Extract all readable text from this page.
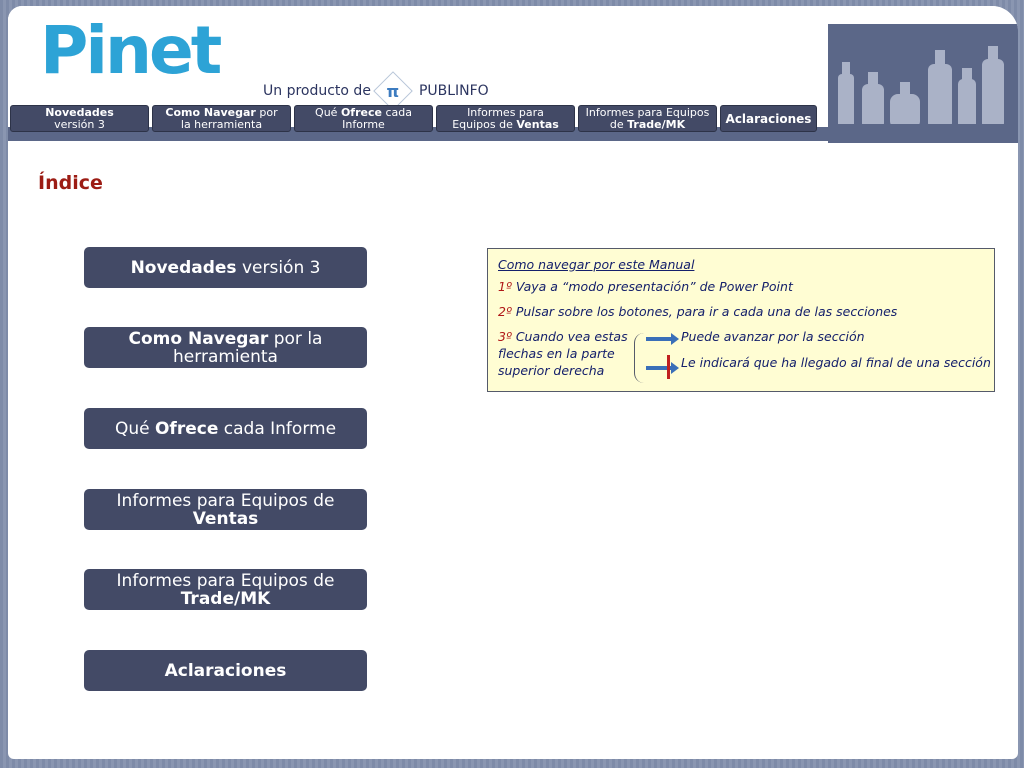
Pinet
Un producto de π PUBLINFO
Novedades
versión 3
Como Navegar por
la herramienta
Qué Ofrece cada
Informe
Informes para
Equipos de Ventas
Informes para Equipos
de Trade/MK	Aclaraciones
Índice
Novedades versión 3
Como Navegar por la
herramienta
Qué Ofrece cada Informe
Informes para Equipos de
Ventas
Informes para Equipos de
Trade/MK
Aclaraciones
Como navegar por este Manual
1º Vaya a “modo presentación” de Power Point
2º Pulsar sobre los botones, para ir a cada una de las secciones
3º Cuando vea estas
flechas en la parte
superior derecha
Puede avanzar por la sección
Le indicará que ha llegado al final de una sección
